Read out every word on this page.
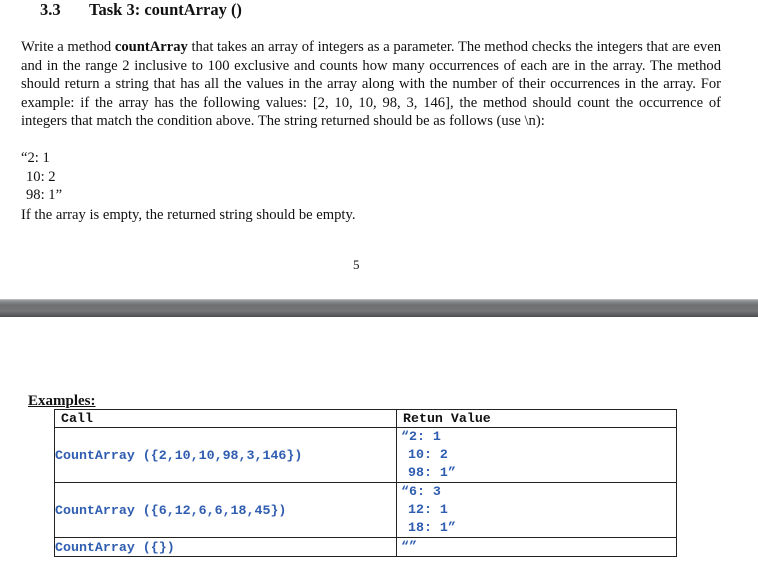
3.3 Task 3: countArray ()

Write a method countArray that takes an array of integers as a parameter. The method checks the integers that are even and in the range 2 inclusive to 100 exclusive and counts how many occurrences of each are in the array. The method should return a string that has all the values in the array along with the number of their occurrences in the array. For example: if the array has the following values: [2, 10, 10, 98, 3, 146], the method should count the occurrence of integers that match the condition above. The string returned should be as follows (use \n):

“2: 1
10: 2
98: 1”

If the array is empty, the returned string should be empty.

5
Examples:
Call	Retun Value
CountArray ({2,10,10,98,3,146})	“2: 1
10: 2
98: 1”

CountArray ({6,12,6,6,18,45})	“6: 3
12: 1
18: 1”

CountArray ({})	“”
